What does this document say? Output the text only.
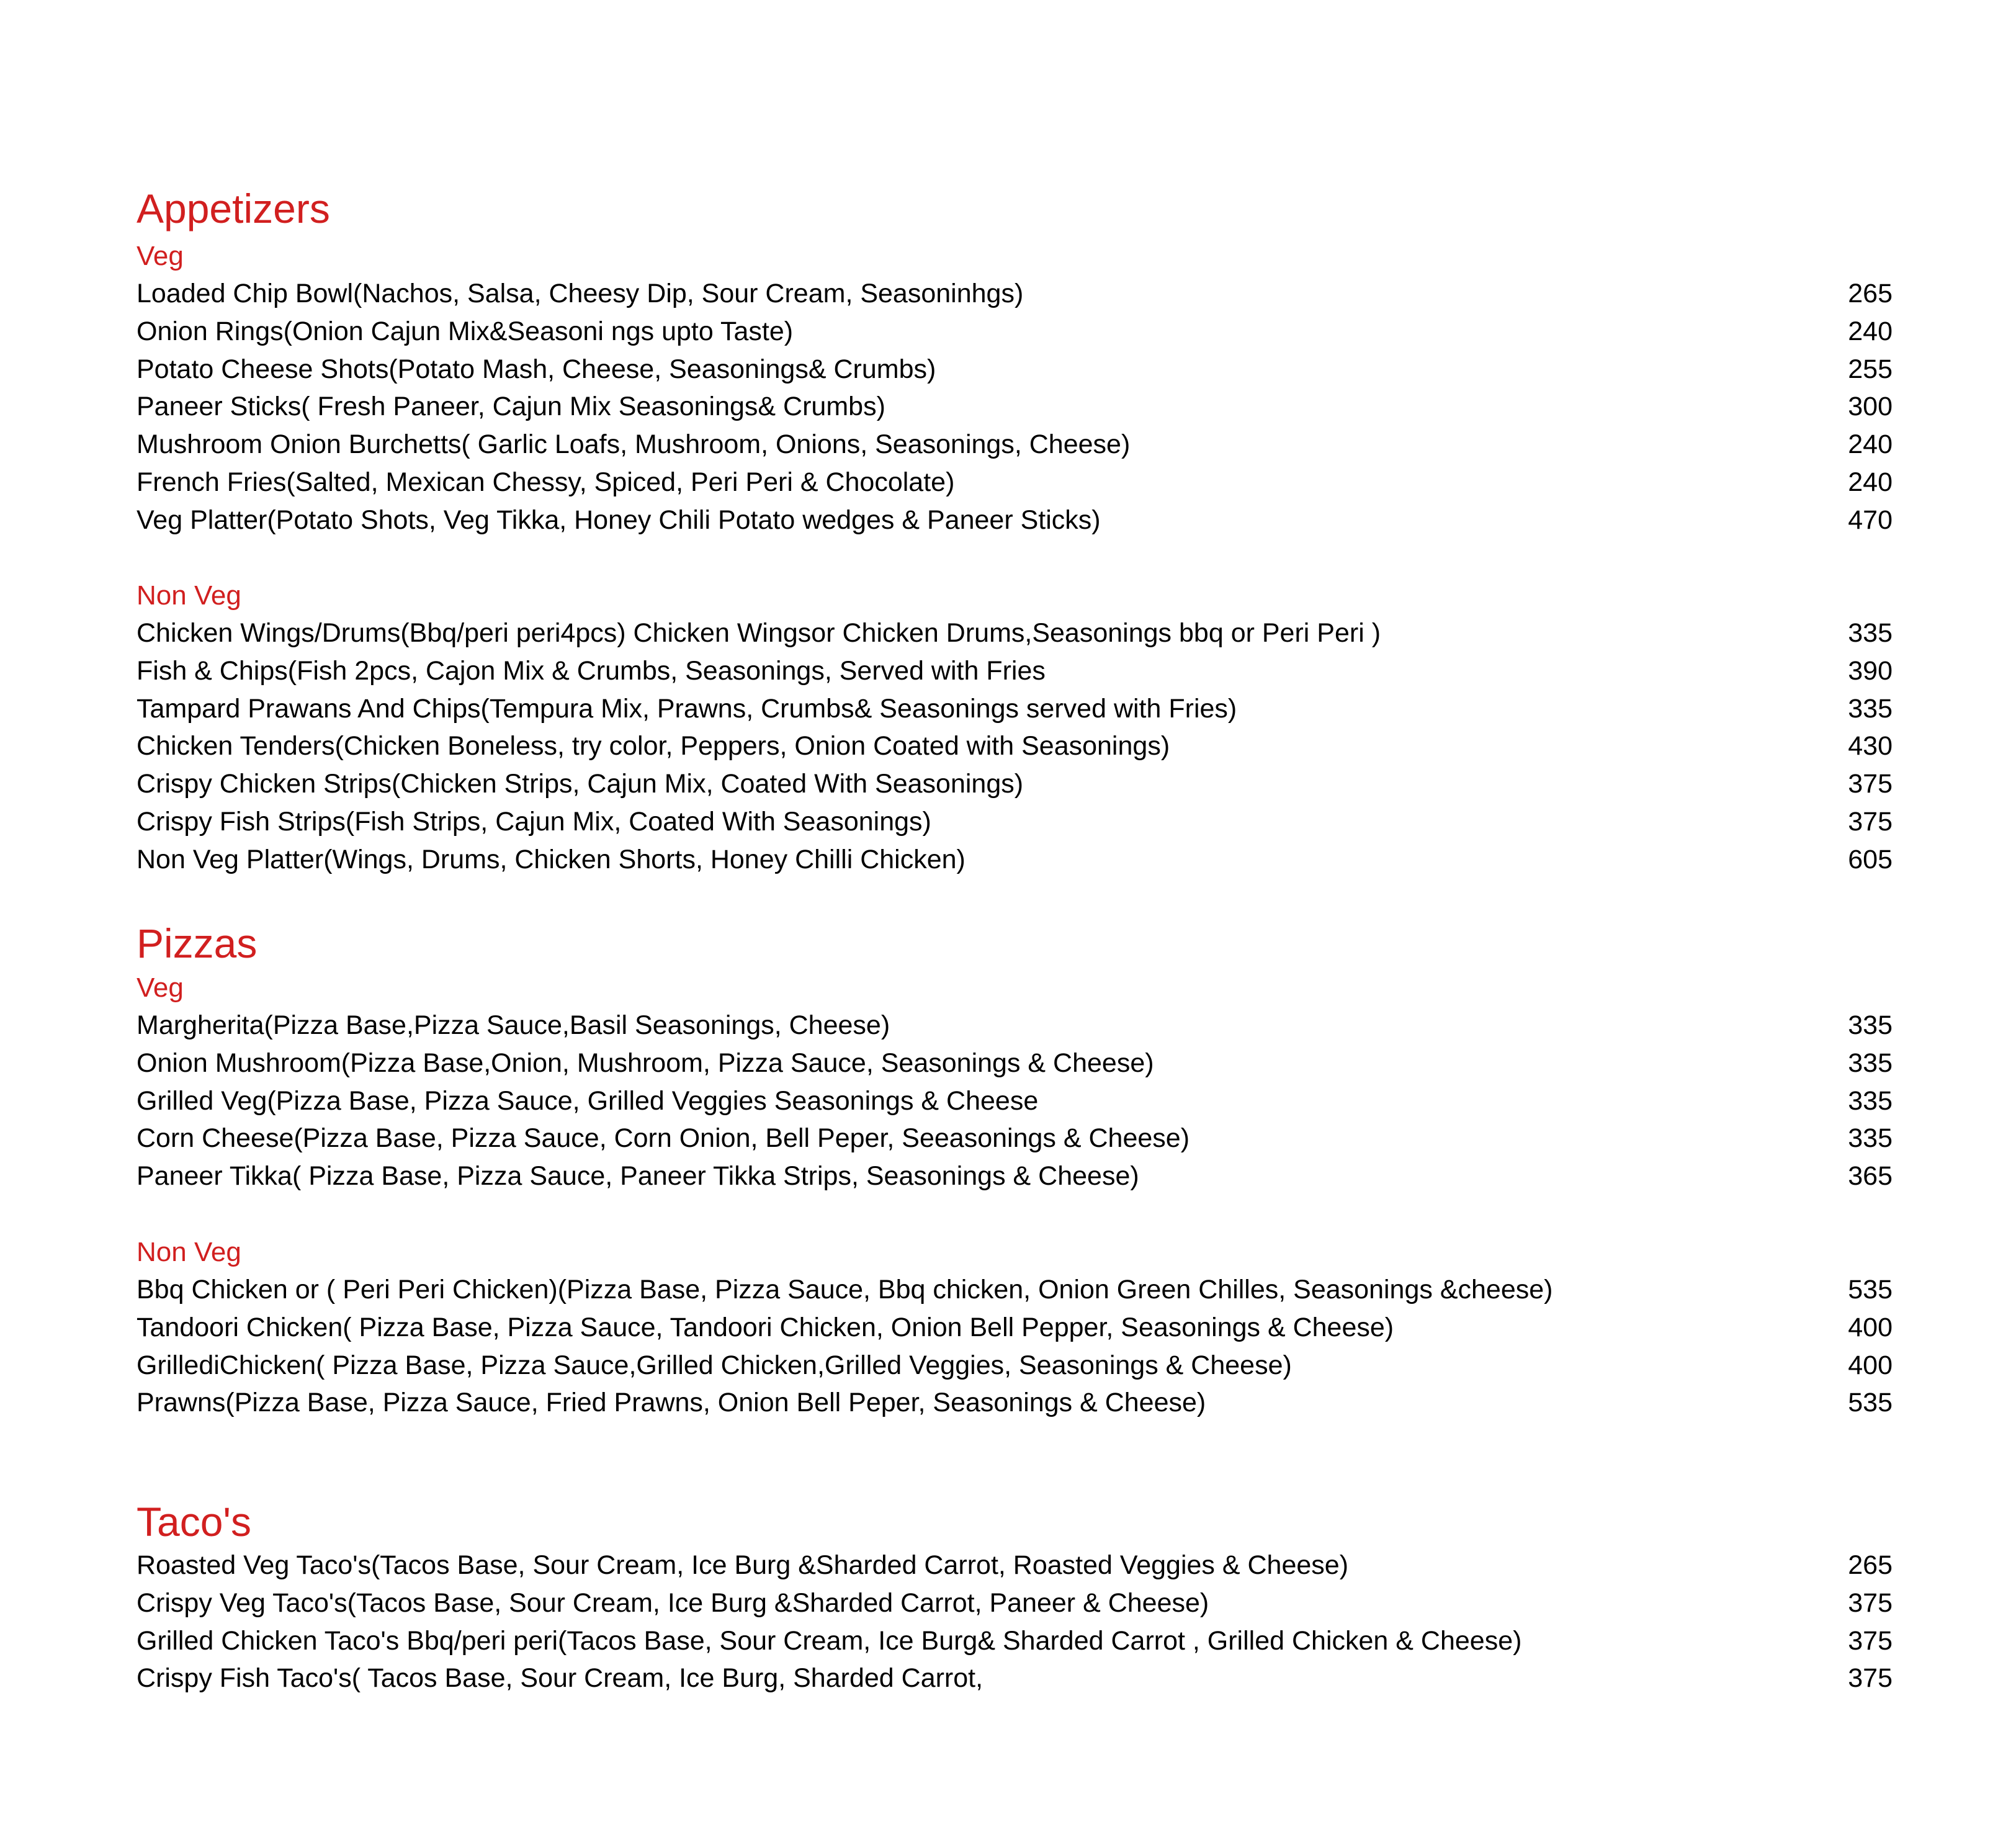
Appetizers
Veg
Loaded Chip Bowl(Nachos, Salsa, Cheesy Dip, Sour Cream, Seasoninhgs)	265
Onion Rings(Onion Cajun Mix&Seasoni ngs upto Taste)	240
Potato Cheese Shots(Potato Mash, Cheese, Seasonings& Crumbs)	255
Paneer Sticks( Fresh Paneer, Cajun Mix Seasonings& Crumbs)	300
Mushroom Onion Burchetts( Garlic Loafs, Mushroom, Onions, Seasonings, Cheese)	240
French Fries(Salted, Mexican Chessy, Spiced, Peri Peri & Chocolate)	240
Veg Platter(Potato Shots, Veg Tikka, Honey Chili Potato wedges & Paneer Sticks)	470
Non Veg
Chicken Wings/Drums(Bbq/peri peri4pcs) Chicken Wingsor Chicken Drums,Seasonings bbq or Peri Peri )	335
Fish & Chips(Fish 2pcs, Cajon Mix & Crumbs, Seasonings, Served with Fries	390
Tampard Prawans And Chips(Tempura Mix, Prawns, Crumbs& Seasonings served with Fries)	335
Chicken Tenders(Chicken Boneless, try color, Peppers, Onion Coated with Seasonings)	430
Crispy Chicken Strips(Chicken Strips, Cajun Mix, Coated With Seasonings)	375
Crispy Fish Strips(Fish Strips, Cajun Mix, Coated With Seasonings)	375
Non Veg Platter(Wings, Drums, Chicken Shorts, Honey Chilli Chicken)	605
Pizzas
Veg
Margherita(Pizza Base,Pizza Sauce,Basil Seasonings, Cheese)	335
Onion Mushroom(Pizza Base,Onion, Mushroom, Pizza Sauce, Seasonings & Cheese)	335
Grilled Veg(Pizza Base, Pizza Sauce, Grilled Veggies Seasonings & Cheese	335
Corn Cheese(Pizza Base, Pizza Sauce, Corn Onion, Bell Peper, Seeasonings & Cheese)	335
Paneer Tikka( Pizza Base, Pizza Sauce, Paneer Tikka Strips, Seasonings & Cheese)	365
Non Veg
Bbq Chicken or ( Peri Peri Chicken)(Pizza Base, Pizza Sauce, Bbq chicken, Onion Green Chilles, Seasonings &cheese)	535
Tandoori Chicken( Pizza Base, Pizza Sauce, Tandoori Chicken, Onion Bell Pepper, Seasonings & Cheese)	400
GrillediChicken( Pizza Base, Pizza Sauce,Grilled Chicken,Grilled Veggies, Seasonings & Cheese)	400
Prawns(Pizza Base, Pizza Sauce, Fried Prawns, Onion Bell Peper, Seasonings & Cheese)	535
Taco's
Roasted Veg Taco's(Tacos Base, Sour Cream, Ice Burg &Sharded Carrot, Roasted Veggies & Cheese)	265
Crispy Veg Taco's(Tacos Base, Sour Cream, Ice Burg &Sharded Carrot, Paneer & Cheese)	375
Grilled Chicken Taco's Bbq/peri peri(Tacos Base, Sour Cream, Ice Burg& Sharded Carrot , Grilled Chicken & Cheese)	375
Crispy Fish Taco's( Tacos Base, Sour Cream, Ice Burg, Sharded Carrot,	375
